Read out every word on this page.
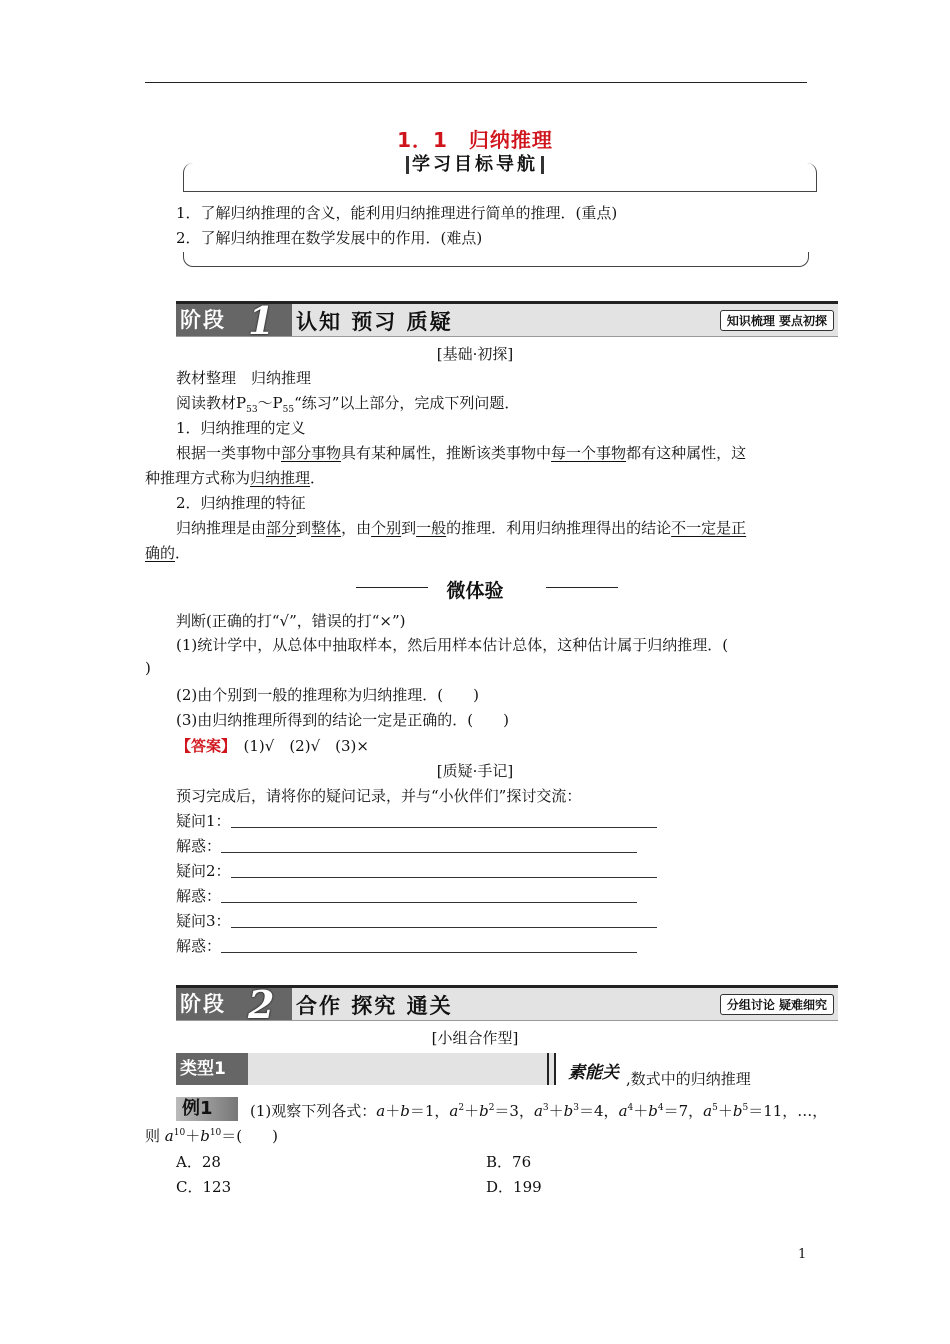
1．1　归纳推理
学习目标导航
1．了解归纳推理的含义，能利用归纳推理进行简单的推理．(重点)
2．了解归纳推理在数学发展中的作用．(难点)
阶段 1 认知 预习 质疑	知识梳理 要点初探
[基础·初探]
教材整理　归纳推理
阅读教材$P_{53}\sim P_{55}“$练习”以上部分，完成下列问题．
1．归纳推理的定义
根据一类事物中部分事物具有某种属性，推断该类事物中每一个事物都有这种属性，这
种推理方式称为归纳推理．
2．归纳推理的特征
归纳推理是由部分到整体，由个别到一般的推理．利用归纳推理得出的结论不一定是正
确的．
微体验
判断(正确的打“√”，错误的打“×”)
(1)统计学中，从总体中抽取样本，然后用样本估计总体，这种估计属于归纳推理．(
)
(2)由个别到一般的推理称为归纳推理．(　　)
(3)由归纳推理所得到的结论一定是正确的．(　　)
【答案】　(1)√　(2)√　(3)×
[质疑·手记]
预习完成后，请将你的疑问记录，并与“小伙伴们”探讨交流：
疑问1：
解惑：
疑问2：
解惑：
疑问3：
解惑：
阶段 2 合作 探究 通关	分组讨论 疑难细究
[小组合作型]
类型1	素能关 ,数式中的归纳推理
例1	(1)观察下列各式：a＋b＝1，$a^2+b^2=3$，$a^3+b^3=4$，$a^4+b^4=7$，$a^5+b^5=11$，…，
则 $a^{10}+b^{10}=$(　　)
A．28	B．76
C．123	D．199
1
